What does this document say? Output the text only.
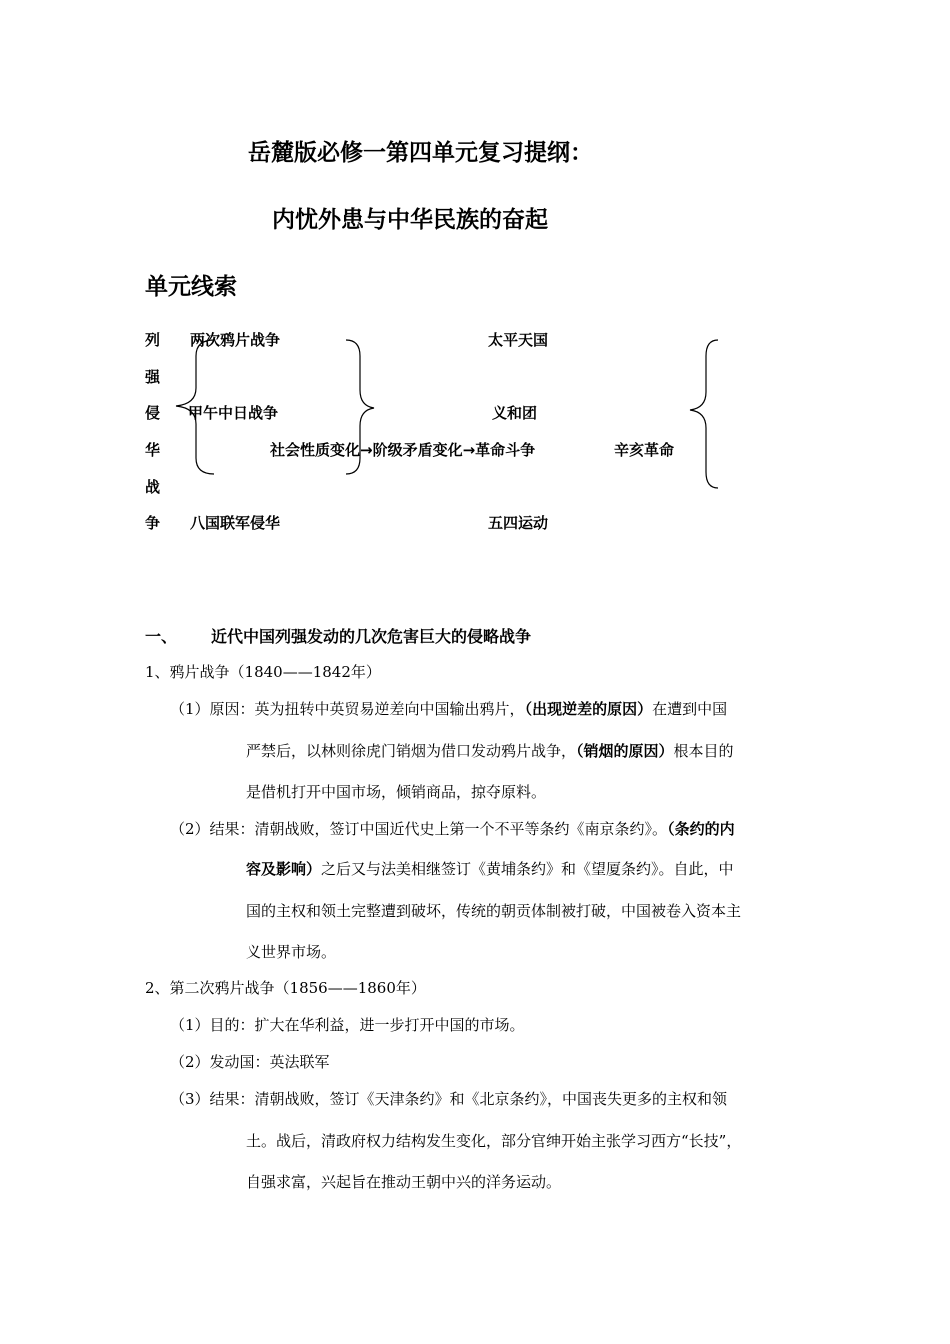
岳麓版必修一第四单元复习提纲：
内忧外患与中华民族的奋起
单元线索
列
强
侵
华
战
争
两次鸦片战争
甲午中日战争
八国联军侵华
社会性质变化→阶级矛盾变化→革命斗争
太平天国
义和团
五四运动
辛亥革命
一、 近代中国列强发动的几次危害巨大的侵略战争
1、鸦片战争（1840——1842年）
（1）原因：英为扭转中英贸易逆差向中国输出鸦片，（出现逆差的原因）在遭到中国
严禁后，以林则徐虎门销烟为借口发动鸦片战争，（销烟的原因）根本目的
是借机打开中国市场，倾销商品，掠夺原料。
（2）结果：清朝战败，签订中国近代史上第一个不平等条约《南京条约》。（条约的内
容及影响）之后又与法美相继签订《黄埔条约》和《望厦条约》。自此，中
国的主权和领土完整遭到破坏，传统的朝贡体制被打破，中国被卷入资本主
义世界市场。
2、第二次鸦片战争（1856——1860年）
（1）目的：扩大在华利益，进一步打开中国的市场。
（2）发动国：英法联军
（3）结果：清朝战败，签订《天津条约》和《北京条约》，中国丧失更多的主权和领
土。战后，清政府权力结构发生变化，部分官绅开始主张学习西方“长技”，
自强求富，兴起旨在推动王朝中兴的洋务运动。
